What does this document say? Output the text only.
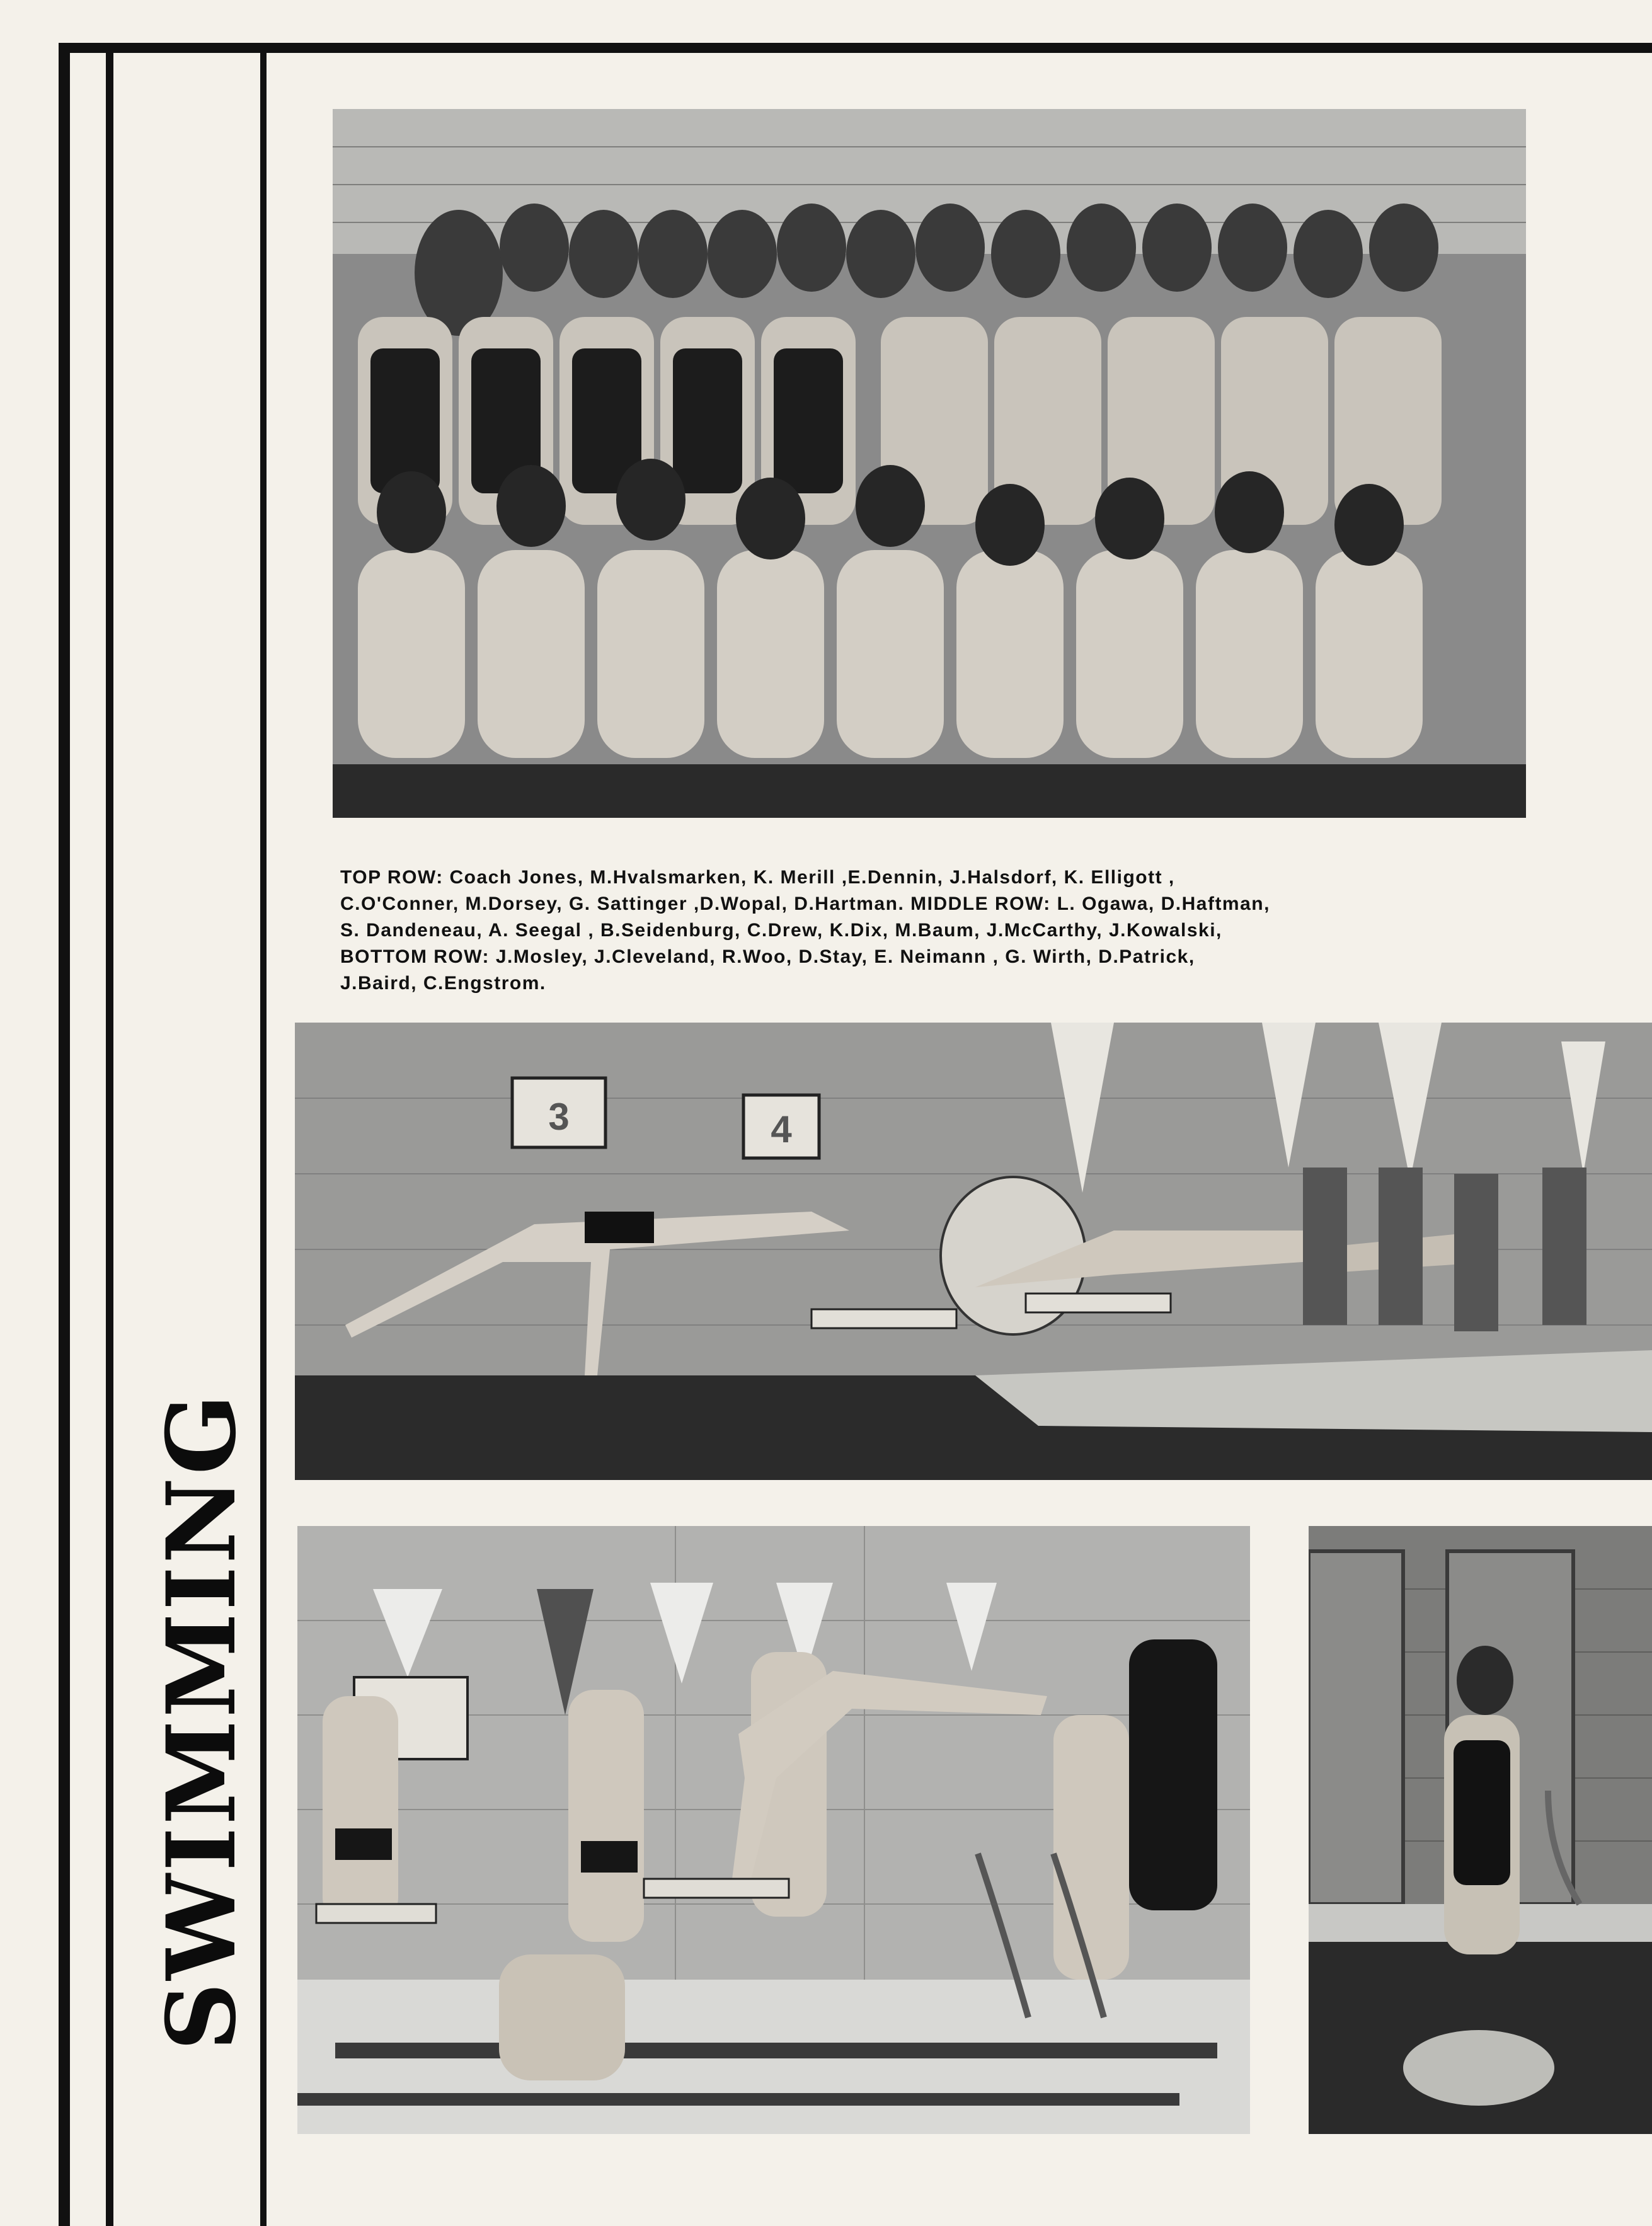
SWIMMING

TOP ROW: Coach Jones, M.Hvalsmarken, K. Merill ,E.Dennin, J.Halsdorf, K. Elligott ,

C.O'Conner, M.Dorsey, G. Sattinger ,D.Wopal, D.Hartman. MIDDLE ROW: L. Ogawa, D.Haftman,

S. Dandeneau, A. Seegal , B.Seidenburg, C.Drew, K.Dix, M.Baum, J.McCarthy, J.Kowalski,

BOTTOM ROW: J.Mosley, J.Cleveland, R.Woo, D.Stay, E. Neimann , G. Wirth, D.Patrick,

J.Baird, C.Engstrom.

3	4
